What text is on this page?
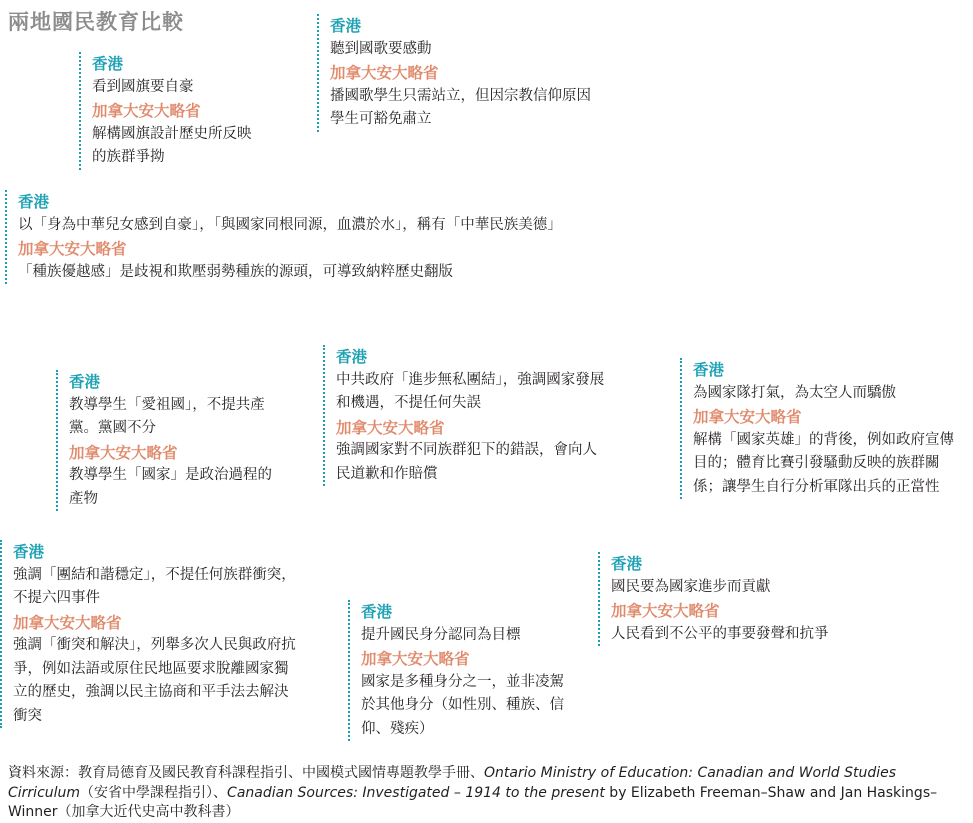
兩地國民教育比較
香港
看到國旗要自豪
加拿大安大略省
解構國旗設計歷史所反映的族群爭拗
香港
聽到國歌要感動
加拿大安大略省
播國歌學生只需站立，但因宗教信仰原因學生可豁免肅立
香港
以「身為中華兒女感到自豪」，「與國家同根同源，血濃於水」，稱有「中華民族美德」
加拿大安大略省
「種族優越感」是歧視和欺壓弱勢種族的源頭，可導致納粹歷史翻版
香港
教導學生「愛祖國」，不提共產黨。黨國不分
加拿大安大略省
教導學生「國家」是政治過程的產物
香港
中共政府「進步無私團結」，強調國家發展和機遇，不提任何失誤
加拿大安大略省
強調國家對不同族群犯下的錯誤，會向人民道歉和作賠償
香港
為國家隊打氣，為太空人而驕傲
加拿大安大略省
解構「國家英雄」的背後，例如政府宣傳目的；體育比賽引發騷動反映的族群關係；讓學生自行分析軍隊出兵的正當性
香港
強調「團結和諧穩定」，不提任何族群衝突，不提六四事件
加拿大安大略省
強調「衝突和解決」，列舉多次人民與政府抗爭，例如法語或原住民地區要求脫離國家獨立的歷史，強調以民主協商和平手法去解決衝突
香港
提升國民身分認同為目標
加拿大安大略省
國家是多種身分之一，並非凌駕於其他身分（如性別、種族、信仰、殘疾）
香港
國民要為國家進步而貢獻
加拿大安大略省
人民看到不公平的事要發聲和抗爭
資料來源：教育局德育及國民教育科課程指引、中國模式國情專題教學手冊、Ontario Ministry of Education: Canadian and World Studies Cirriculum（安省中學課程指引）、Canadian Sources: Investigated – 1914 to the present by Elizabeth Freeman–Shaw and Jan Haskings–Winner（加拿大近代史高中教科書）
